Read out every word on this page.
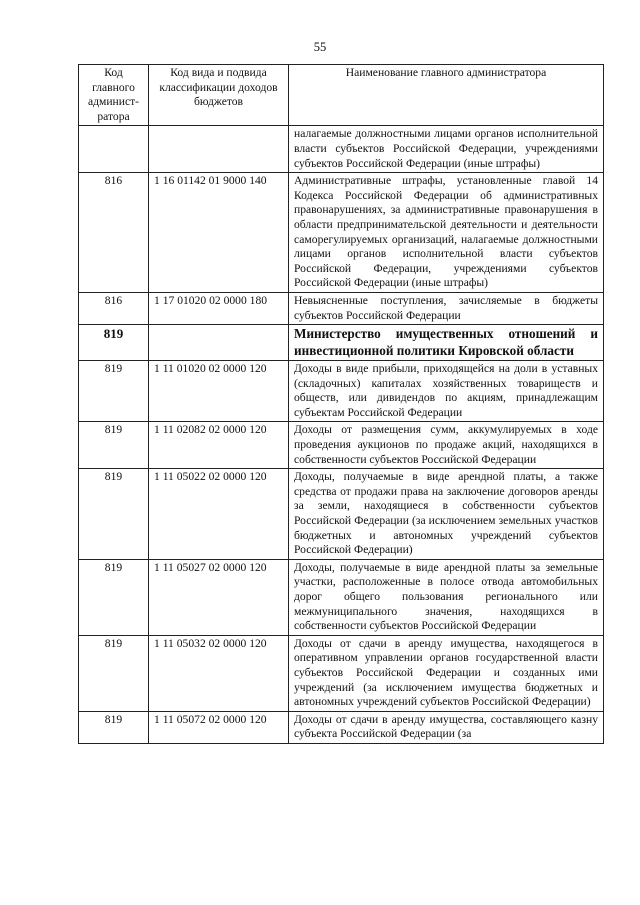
55
Код главного админист-ратора	Код вида и подвида классификации доходов бюджетов	Наименование главного администратора
		налагаемые должностными лицами органов исполнительной власти субъектов Российской Федерации, учреждениями субъектов Российской Федерации (иные штрафы)
816	1 16 01142 01 9000 140	Административные штрафы, установленные главой 14 Кодекса Российской Федерации об административных правонарушениях, за административные правонарушения в области предпринимательской деятельности и деятельности саморегулируемых организаций, налагаемые должностными лицами органов исполнительной власти субъектов Российской Федерации, учреждениями субъектов Российской Федерации (иные штрафы)
816	1 17 01020 02 0000 180	Невыясненные поступления, зачисляемые в бюджеты субъектов Российской Федерации
819		Министерство имущественных отношений и инвестиционной политики Кировской области
819	1 11 01020 02 0000 120	Доходы в виде прибыли, приходящейся на доли в уставных (складочных) капиталах хозяйственных товариществ и обществ, или дивидендов по акциям, принадлежащим субъектам Российской Федерации
819	1 11 02082 02 0000 120	Доходы от размещения сумм, аккумулируемых в ходе проведения аукционов по продаже акций, находящихся в собственности субъектов Российской Федерации
819	1 11 05022 02 0000 120	Доходы, получаемые в виде арендной платы, а также средства от продажи права на заключение договоров аренды за земли, находящиеся в собственности субъектов Российской Федерации (за исключением земельных участков бюджетных и автономных учреждений субъектов Российской Федерации)
819	1 11 05027 02 0000 120	Доходы, получаемые в виде арендной платы за земельные участки, расположенные в полосе отвода автомобильных дорог общего пользования регионального или межмуниципального значения, находящихся в собственности субъектов Российской Федерации
819	1 11 05032 02 0000 120	Доходы от сдачи в аренду имущества, находящегося в оперативном управлении органов государственной власти субъектов Российской Федерации и созданных ими учреждений (за исключением имущества бюджетных и автономных учреждений субъектов Российской Федерации)
819	1 11 05072 02 0000 120	Доходы от сдачи в аренду имущества, составляющего казну субъекта Российской Федерации (за
